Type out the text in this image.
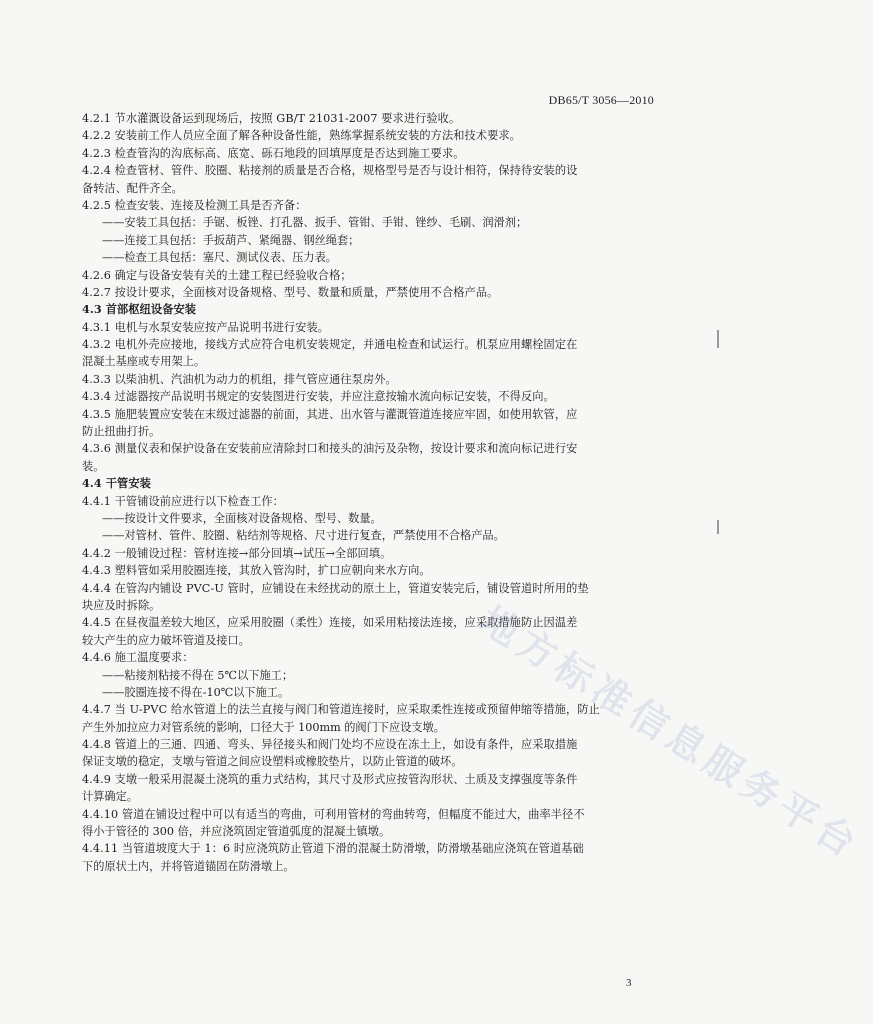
DB65/T 3056—2010
4.2.1 节水灌溉设备运到现场后，按照 GB/T 21031-2007 要求进行验收。
4.2.2 安装前工作人员应全面了解各种设备性能，熟练掌握系统安装的方法和技术要求。
4.2.3 检查管沟的沟底标高、底宽、砾石地段的回填厚度是否达到施工要求。
4.2.4 检查管材、管件、胶圈、粘接剂的质量是否合格，规格型号是否与设计相符，保持待安装的设
备转洁、配件齐全。
4.2.5 检查安装、连接及检测工具是否齐备：
——安装工具包括：手锯、板锉、打孔器、扳手、管钳、手钳、锉纱、毛刷、润滑剂；
——连接工具包括：手扳葫芦、紧绳器、钢丝绳套；
——检查工具包括：塞尺、测试仪表、压力表。
4.2.6 确定与设备安装有关的土建工程已经验收合格；
4.2.7 按设计要求，全面核对设备规格、型号、数量和质量，严禁使用不合格产品。
4.3 首部枢纽设备安装
4.3.1 电机与水泵安装应按产品说明书进行安装。
4.3.2 电机外壳应接地，接线方式应符合电机安装规定，并通电检查和试运行。机泵应用螺栓固定在
混凝土基座或专用架上。
4.3.3 以柴油机、汽油机为动力的机组，排气管应通往泵房外。
4.3.4 过滤器按产品说明书规定的安装图进行安装，并应注意按输水流向标记安装，不得反向。
4.3.5 施肥装置应安装在末级过滤器的前面，其进、出水管与灌溉管道连接应牢固，如使用软管，应
防止扭曲打折。
4.3.6 测量仪表和保护设备在安装前应清除封口和接头的油污及杂物，按设计要求和流向标记进行安
装。
4.4 干管安装
4.4.1 干管铺设前应进行以下检查工作：
——按设计文件要求，全面核对设备规格、型号、数量。
——对管材、管件、胶圈、粘结剂等规格、尺寸进行复查，严禁使用不合格产品。
4.4.2 一般铺设过程：管材连接→部分回填→试压→全部回填。
4.4.3 塑料管如采用胶圈连接，其放入管沟时，扩口应朝向来水方向。
4.4.4 在管沟内铺设 PVC-U 管时，应铺设在未经扰动的原土上，管道安装完后，铺设管道时所用的垫
块应及时拆除。
4.4.5 在昼夜温差较大地区，应采用胶圈（柔性）连接，如采用粘接法连接，应采取措施防止因温差
较大产生的应力破坏管道及接口。
4.4.6 施工温度要求：
——粘接剂粘接不得在 5℃以下施工；
——胶圈连接不得在-10℃以下施工。
4.4.7 当 U-PVC 给水管道上的法兰直接与阀门和管道连接时，应采取柔性连接或预留伸缩等措施，防止
产生外加拉应力对管系统的影响，口径大于 100mm 的阀门下应设支墩。
4.4.8 管道上的三通、四通、弯头、异径接头和阀门处均不应设在冻土上，如设有条件，应采取措施
保证支墩的稳定，支墩与管道之间应设塑料或橡胶垫片，以防止管道的破坏。
4.4.9 支墩一般采用混凝土浇筑的重力式结构，其尺寸及形式应按管沟形状、土质及支撑强度等条件
计算确定。
4.4.10 管道在铺设过程中可以有适当的弯曲，可利用管材的弯曲转弯，但幅度不能过大，曲率半径不
得小于管径的 300 倍，并应浇筑固定管道弧度的混凝土镇墩。
4.4.11 当管道坡度大于 1：6 时应浇筑防止管道下滑的混凝土防滑墩，防滑墩基础应浇筑在管道基础
下的原状土内，并将管道锚固在防滑墩上。	地方标准信息服务平台
3
